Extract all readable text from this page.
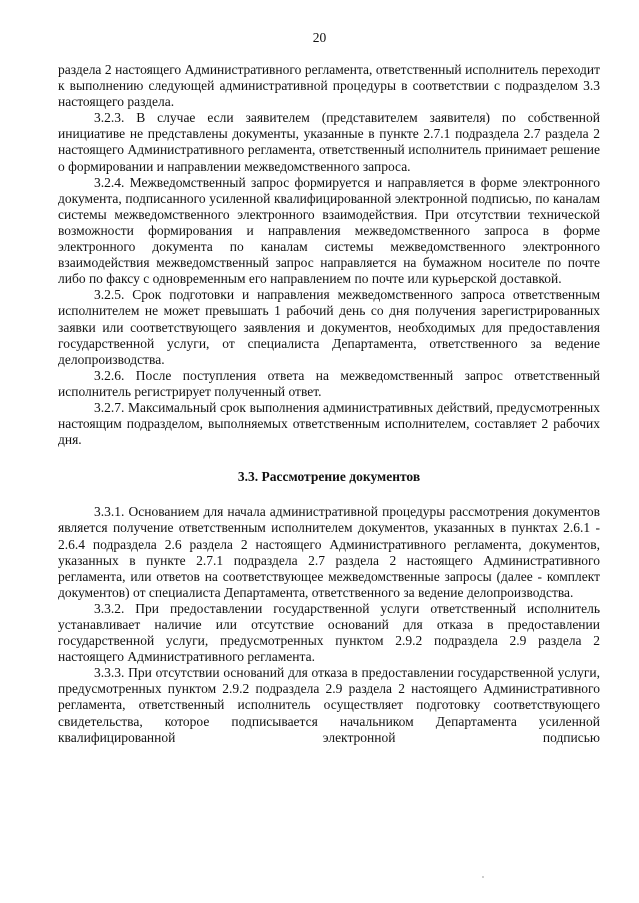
20

раздела 2 настоящего Административного регламента, ответственный исполнитель переходит к выполнению следующей административной процедуры в соответствии с подразделом 3.3 настоящего раздела.

3.2.3. В случае если заявителем (представителем заявителя) по собственной инициативе не представлены документы, указанные в пункте 2.7.1 подраздела 2.7 раздела 2 настоящего Административного регламента, ответственный исполнитель принимает решение о формировании и направлении межведомственного запроса.

3.2.4. Межведомственный запрос формируется и направляется в форме электронного документа, подписанного усиленной квалифицированной электронной подписью, по каналам системы межведомственного электронного взаимодействия. При отсутствии технической возможности формирования и направления межведомственного запроса в форме электронного документа по каналам системы межведомственного электронного взаимодействия межведомственный запрос направляется на бумажном носителе по почте либо по факсу с одновременным его направлением по почте или курьерской доставкой.

3.2.5. Срок подготовки и направления межведомственного запроса ответственным исполнителем не может превышать 1 рабочий день со дня получения зарегистрированных заявки или соответствующего заявления и документов, необходимых для предоставления государственной услуги, от специалиста Департамента, ответственного за ведение делопроизводства.

3.2.6. После поступления ответа на межведомственный запрос ответственный исполнитель регистрирует полученный ответ.

3.2.7. Максимальный срок выполнения административных действий, предусмотренных настоящим подразделом, выполняемых ответственным исполнителем, составляет 2 рабочих дня.

3.3. Рассмотрение документов

3.3.1. Основанием для начала административной процедуры рассмотрения документов является получение ответственным исполнителем документов, указанных в пунктах 2.6.1 - 2.6.4 подраздела 2.6 раздела 2 настоящего Административного регламента, документов, указанных в пункте 2.7.1 подраздела 2.7 раздела 2 настоящего Административного регламента, или ответов на соответствующее межведомственные запросы (далее - комплект документов) от специалиста Департамента, ответственного за ведение делопроизводства.

3.3.2. При предоставлении государственной услуги ответственный исполнитель устанавливает наличие или отсутствие оснований для отказа в предоставлении государственной услуги, предусмотренных пунктом 2.9.2 подраздела 2.9 раздела 2 настоящего Административного регламента.

3.3.3. При отсутствии оснований для отказа в предоставлении государственной услуги, предусмотренных пунктом 2.9.2 подраздела 2.9 раздела 2 настоящего Административного регламента, ответственный исполнитель осуществляет подготовку соответствующего свидетельства, которое подписывается начальником Департамента усиленной квалифицированной электронной подписью
